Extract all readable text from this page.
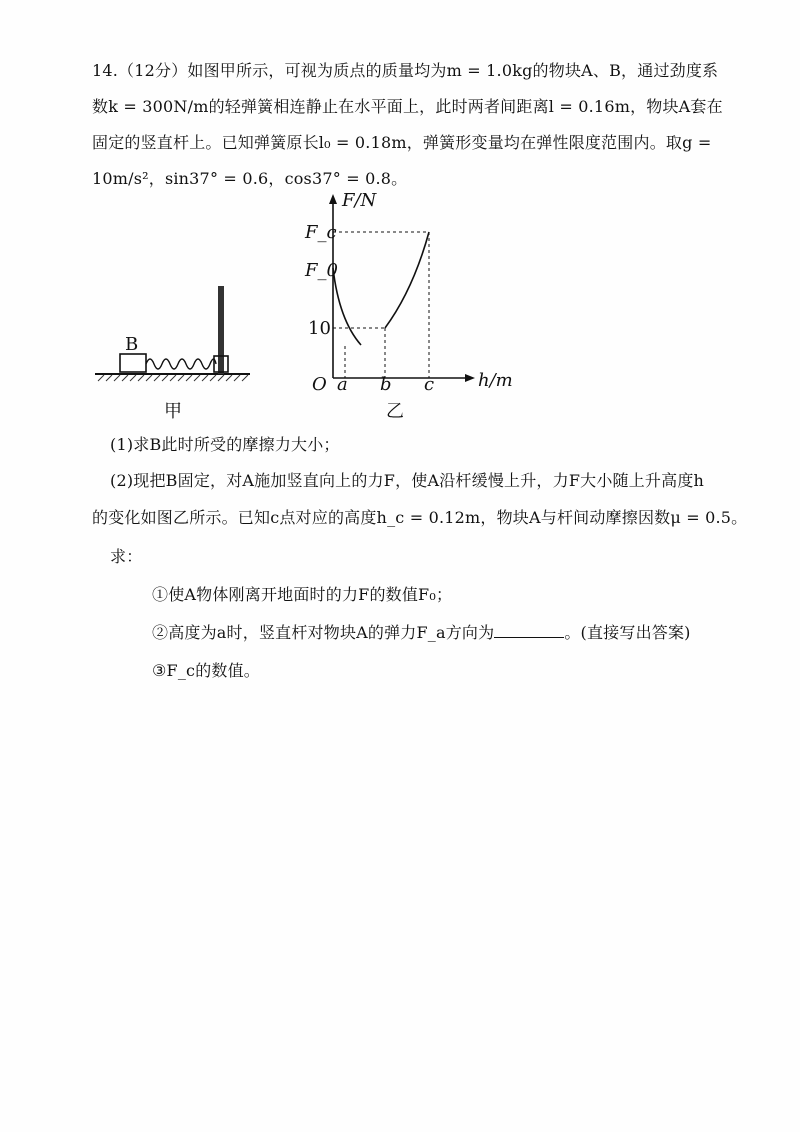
14.（12分）如图甲所示，可视为质点的质量均为m = 1.0kg的物块A、B，通过劲度系
数k = 300N/m的轻弹簧相连静止在水平面上，此时两者间距离l = 0.16m，物块A套在
固定的竖直杆上。已知弹簧原长l₀ = 0.18m，弹簧形变量均在弹性限度范围内。取g =
10m/s²，sin37° = 0.6，cos37° = 0.8。
B
甲
F/N
F_c
F_0
10
O a b c h/m
乙
(1)求B此时所受的摩擦力大小；
(2)现把B固定，对A施加竖直向上的力F，使A沿杆缓慢上升，力F大小随上升高度h
的变化如图乙所示。已知c点对应的高度h_c = 0.12m，物块A与杆间动摩擦因数μ = 0.5。
求：
①使A物体刚离开地面时的力F的数值F₀；
②高度为a时，竖直杆对物块A的弹力F_a方向为	。(直接写出答案)
③F_c的数值。
